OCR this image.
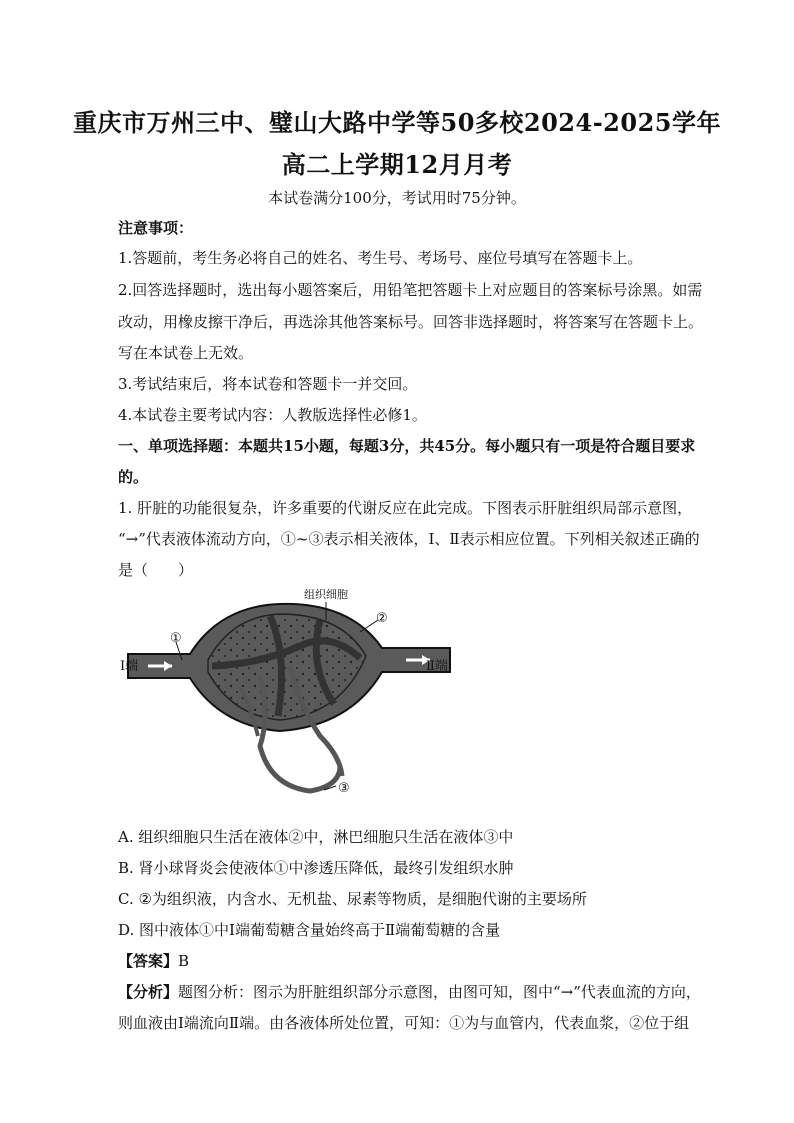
重庆市万州三中、璧山大路中学等50多校2024-2025学年
高二上学期12月月考
本试卷满分100分，考试用时75分钟。
注意事项：
1.答题前，考生务必将自己的姓名、考生号、考场号、座位号填写在答题卡上。
2.回答选择题时，选出每小题答案后，用铅笔把答题卡上对应题目的答案标号涂黑。如需
改动，用橡皮擦干净后，再选涂其他答案标号。回答非选择题时，将答案写在答题卡上。
写在本试卷上无效。
3.考试结束后，将本试卷和答题卡一并交回。
4.本试卷主要考试内容：人教版选择性必修1。
一、单项选择题：本题共15小题，每题3分，共45分。每小题只有一项是符合题目要求
的。
1. 肝脏的功能很复杂，许多重要的代谢反应在此完成。下图表示肝脏组织局部示意图，
“→”代表液体流动方向，①~③表示相关液体，Ⅰ、Ⅱ表示相应位置。下列相关叙述正确的
是（　　）
组织细胞
①
②
③
Ⅰ端	Ⅱ端
A. 组织细胞只生活在液体②中，淋巴细胞只生活在液体③中
B. 肾小球肾炎会使液体①中渗透压降低，最终引发组织水肿
C. ②为组织液，内含水、无机盐、尿素等物质，是细胞代谢的主要场所
D. 图中液体①中Ⅰ端葡萄糖含量始终高于Ⅱ端葡萄糖的含量
【答案】B
【分析】题图分析：图示为肝脏组织部分示意图，由图可知，图中“→”代表血流的方向，
则血液由Ⅰ端流向Ⅱ端。由各液体所处位置，可知：①为与血管内，代表血浆，②位于组
